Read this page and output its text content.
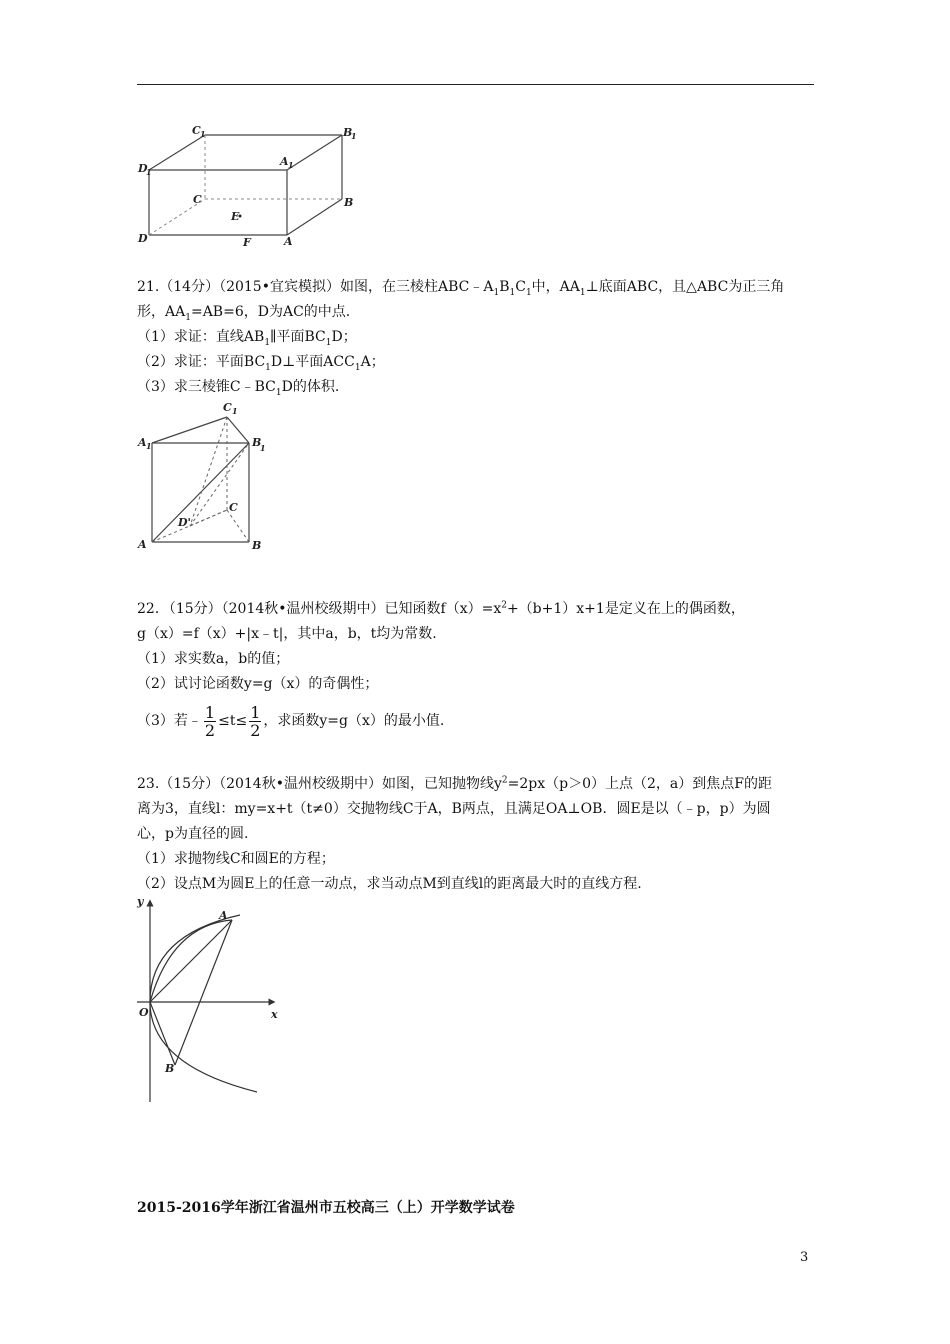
C 1	B
1
D
1
A 1
C	B
E
D	F	A
21.（14分）（2015•宜宾模拟）如图，在三棱柱$ABC﹣A_1B_1C_1$中，$AA_1\perp$底面ABC，且△ABC为正三角
形，$AA_1=AB=6$，D为AC的中点.
（1）求证：直线$AB_1\parallel$平面$BC_1D$；
（2）求证：平面$BC_1D\perp$平面$ACC_1A$；
（3）求三棱锥$C﹣BC_1D$的体积.
C 1
A 1	B
1
D'
C
A	B
22．（15分）（2014秋•温州校级期中）已知函数$f(x)=x^2+(b+1)x+1$是定义在上的偶函数，
g（x）=f（x）+|x﹣t|，其中a，b，t均为常数.
（1）求实数a，b的值；
（2）试讨论函数y=g（x）的奇偶性；
（3）若﹣ $\frac{1}{2} \le t\le \frac{1}{2}$ ，求函数y=g（x）的最小值.
23.（15分）（2014秋•温州校级期中）如图，已知抛物线$y^2=2px(p>0)$上点（2，a）到焦点F的距
离为3，直线l：my=x+t（t≠0）交抛物线C于A，B两点，且满足OA⊥OB．圆E是以（﹣p，p）为圆
心，p为直径的圆.
（1）求抛物线C和圆E的方程；
（2）设点M为圆E上的任意一动点，求当动点M到直线l的距离最大时的直线方程.
y
A
O	x
B
2015-2016学年浙江省温州市五校高三（上）开学数学试卷
3
